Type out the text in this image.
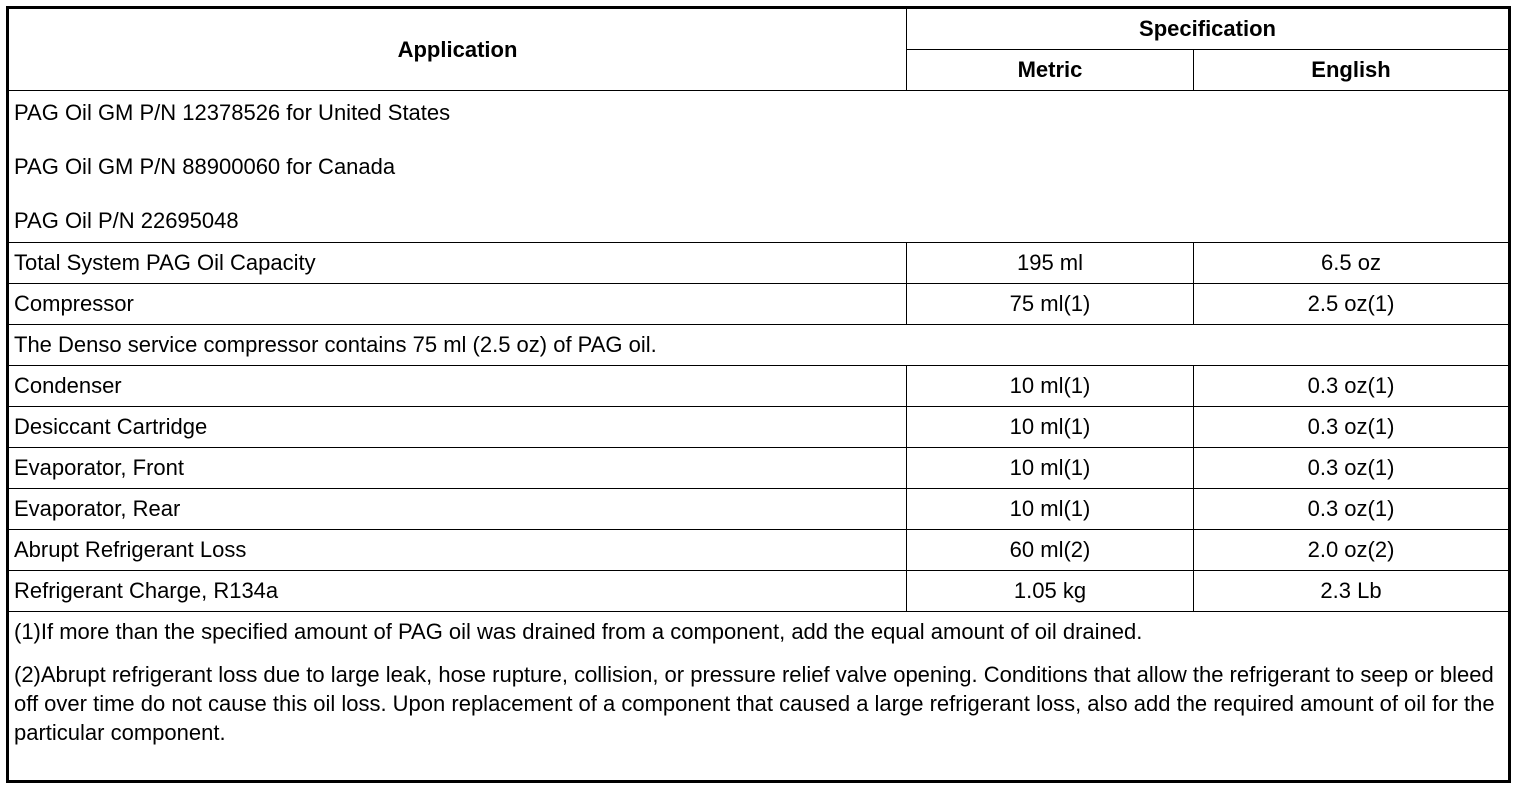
Application	Specification	
	Metric	English

PAG Oil GM P/N 12378526 for United States
PAG Oil GM P/N 88900060 for Canada
PAG Oil P/N 22695048		

Total System PAG Oil Capacity	195 ml	6.5 oz
Compressor	75 ml(1)	2.5 oz(1)
The Denso service compressor contains 75 ml (2.5 oz) of PAG oil.		
Condenser	10 ml(1)	0.3 oz(1)
Desiccant Cartridge	10 ml(1)	0.3 oz(1)
Evaporator, Front	10 ml(1)	0.3 oz(1)
Evaporator, Rear	10 ml(1)	0.3 oz(1)
Abrupt Refrigerant Loss	60 ml(2)	2.0 oz(2)
Refrigerant Charge, R134a	1.05 kg	2.3 Lb

(1)If more than the specified amount of PAG oil was drained from a component, add the equal amount of oil drained.
(2)Abrupt refrigerant loss due to large leak, hose rupture, collision, or pressure relief valve opening. Conditions that allow the refrigerant to seep or bleed off over time do not cause this oil loss. Upon replacement of a component that caused a large refrigerant loss, also add the required amount of oil for the particular component.		
